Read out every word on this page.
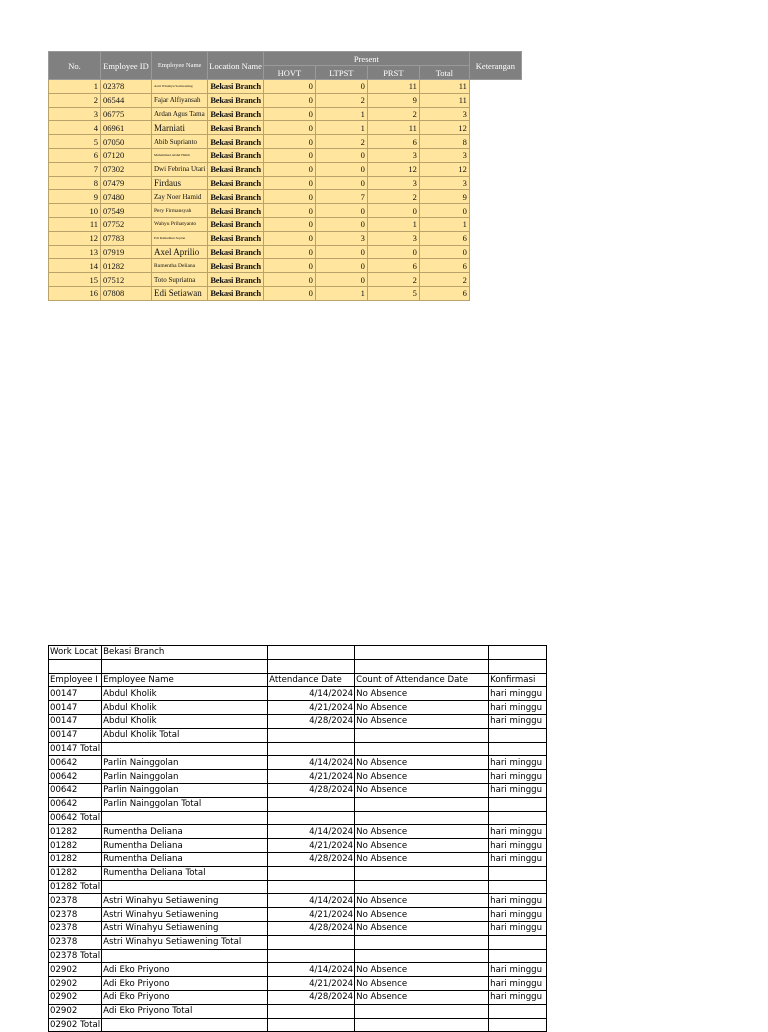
No.	Employee ID	Employee Name	Location Name	Present				Keterangan
				HOVT	LTPST	PRST	Total	
1	02378	Astri Winahyu Setiawening	Bekasi Branch	0	0	11	11	
2	06544	Fajar Alfiyansah	Bekasi Branch	0	2	9	11	
3	06775	Ardan Agus Tama	Bekasi Branch	0	1	2	3	
4	06961	Marniati	Bekasi Branch	0	1	11	12	
5	07050	Abib Suprianto	Bekasi Branch	0	2	6	8	
6	07120	Muhammad Abdul Halim	Bekasi Branch	0	0	3	3	
7	07302	Dwi Febrina Utari	Bekasi Branch	0	0	12	12	
8	07479	Firdaus	Bekasi Branch	0	0	3	3	
9	07480	Zay Noer Hamid	Bekasi Branch	0	7	2	9	
10	07549	Pery Firmansyah	Bekasi Branch	0	0	0	0	
11	07752	Wahyu Prihatyanto	Bekasi Branch	0	0	1	1	
12	07783	Edi Ramadhan Sopian	Bekasi Branch	0	3	3	6	
13	07919	Axel Aprilio	Bekasi Branch	0	0	0	0	
14	01282	Rumentha Deliana	Bekasi Branch	0	0	6	6	
15	07512	Toto Supriatna	Bekasi Branch	0	0	2	2	
16	07808	Edi Setiawan	Bekasi Branch	0	1	5	6	
Work Locat	Bekasi Branch			

Employee I	Employee Name	Attendance Date	Count of Attendance Date	Konfirmasi
00147	Abdul Kholik	4/14/2024	No Absence	hari minggu
00147	Abdul Kholik	4/21/2024	No Absence	hari minggu
00147	Abdul Kholik	4/28/2024	No Absence	hari minggu
00147	Abdul Kholik Total			
00147 Total				
00642	Parlin Nainggolan	4/14/2024	No Absence	hari minggu
00642	Parlin Nainggolan	4/21/2024	No Absence	hari minggu
00642	Parlin Nainggolan	4/28/2024	No Absence	hari minggu
00642	Parlin Nainggolan Total			
00642 Total				
01282	Rumentha Deliana	4/14/2024	No Absence	hari minggu
01282	Rumentha Deliana	4/21/2024	No Absence	hari minggu
01282	Rumentha Deliana	4/28/2024	No Absence	hari minggu
01282	Rumentha Deliana Total			
01282 Total				
02378	Astri Winahyu Setiawening	4/14/2024	No Absence	hari minggu
02378	Astri Winahyu Setiawening	4/21/2024	No Absence	hari minggu
02378	Astri Winahyu Setiawening	4/28/2024	No Absence	hari minggu
02378	Astri Winahyu Setiawening Total			
02378 Total				
02902	Adi Eko Priyono	4/14/2024	No Absence	hari minggu
02902	Adi Eko Priyono	4/21/2024	No Absence	hari minggu
02902	Adi Eko Priyono	4/28/2024	No Absence	hari minggu
02902	Adi Eko Priyono Total			
02902 Total				
